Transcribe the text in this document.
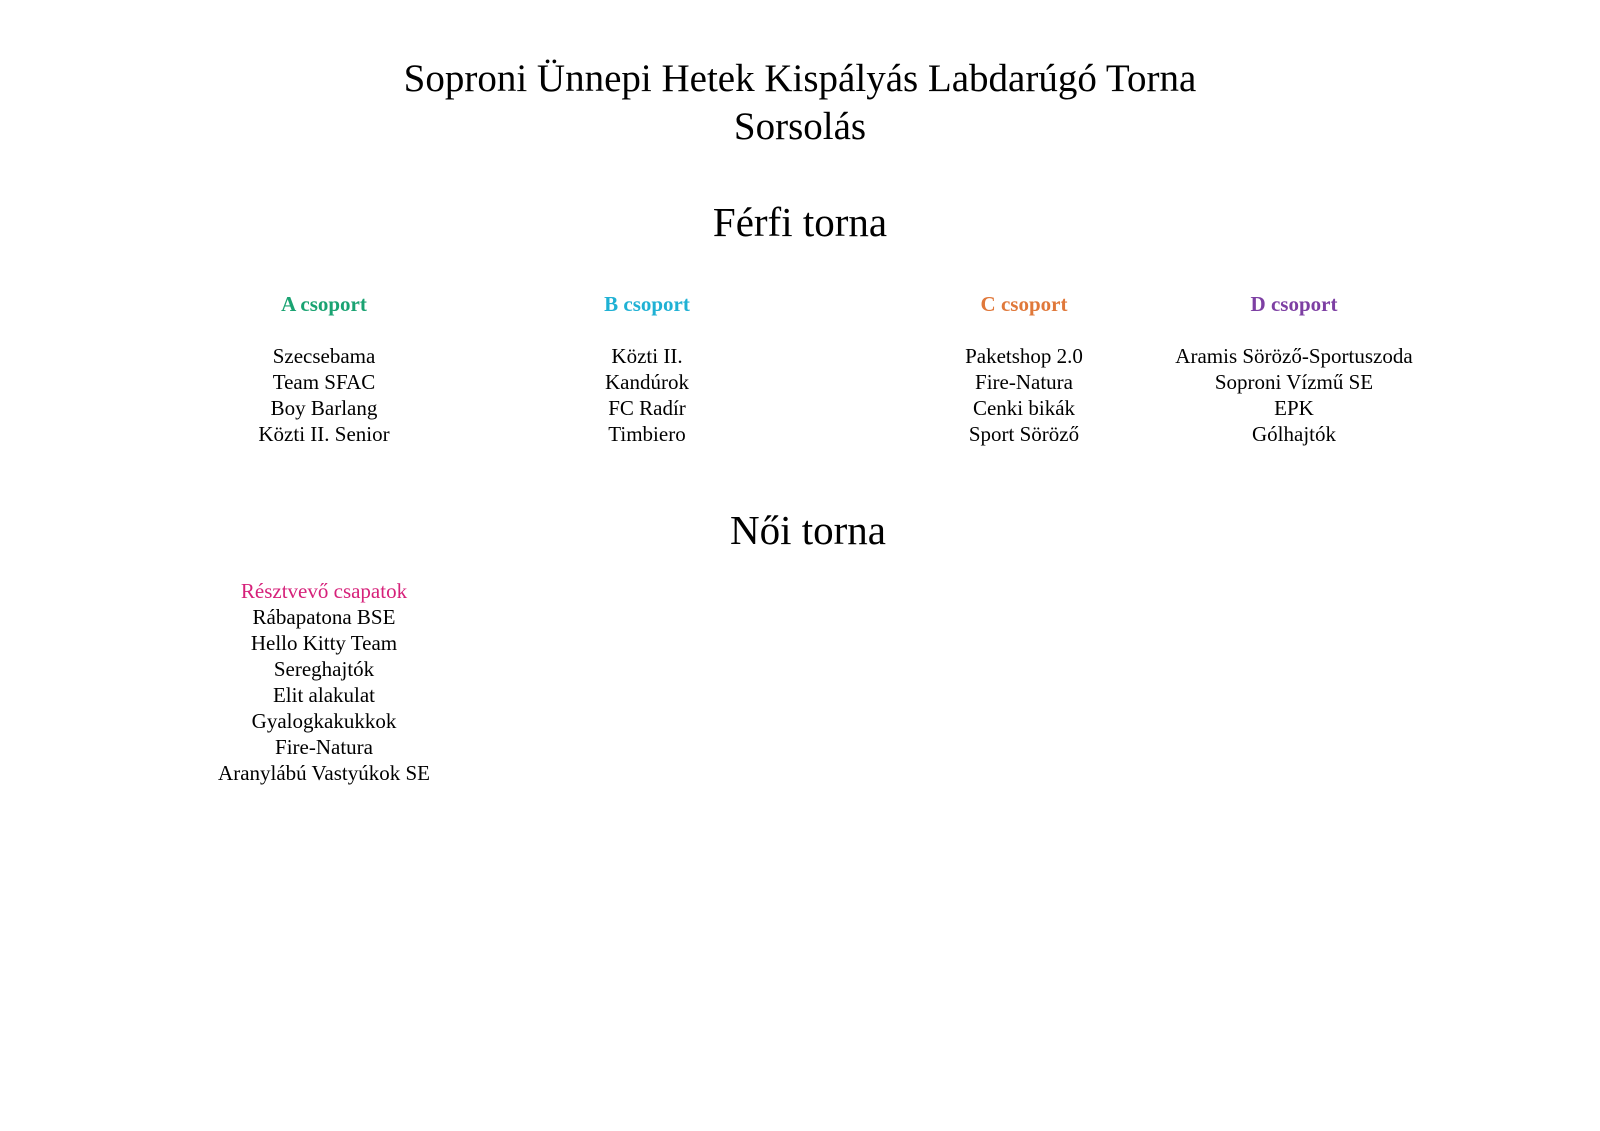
Soproni Ünnepi Hetek Kispályás Labdarúgó Torna
Sorsolás
Férfi torna

A csoport

Szecsebama

Team SFAC

Boy Barlang

Közti II. Senior

B csoport

Közti II.

Kandúrok

FC Radír

Timbiero

C csoport

Paketshop 2.0

Fire-Natura

Cenki bikák

Sport Söröző

D csoport

Aramis Söröző-Sportuszoda

Soproni Vízmű SE

EPK

Gólhajtók

Női torna

Résztvevő csapatok

Rábapatona BSE

Hello Kitty Team

Sereghajtók

Elit alakulat

Gyalogkakukkok

Fire-Natura

Aranylábú Vastyúkok SE
